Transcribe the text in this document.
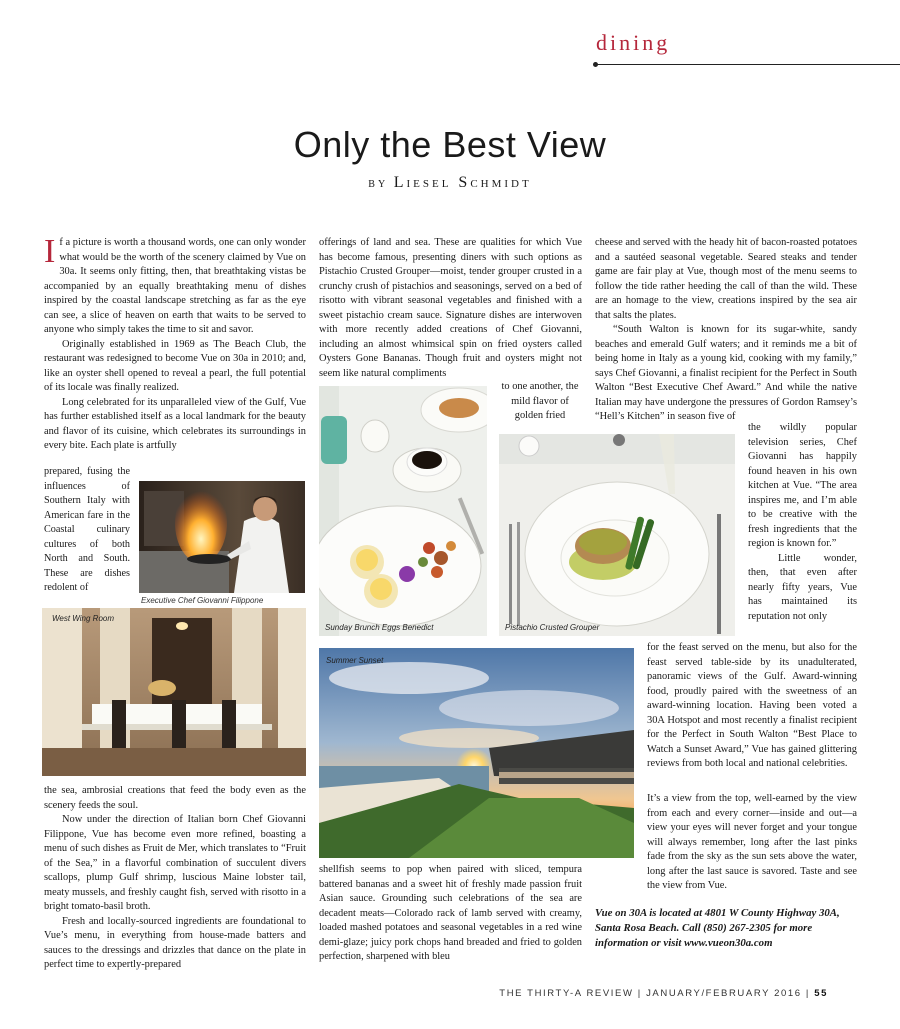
dining
Only the Best View
by Liesel Schmidt

If a picture is worth a thousand words, one can only wonder what would be the worth of the scenery claimed by Vue on 30a. It seems only fitting, then, that breathtaking vistas be accompanied by an equally breathtaking menu of dishes inspired by the coastal landscape stretching as far as the eye can see, a slice of heaven on earth that waits to be served to anyone who simply takes the time to sit and savor.

Originally established in 1969 as The Beach Club, the restaurant was redesigned to become Vue on 30a in 2010; and, like an oyster shell opened to reveal a pearl, the full potential of its locale was finally realized.

Long celebrated for its unparalleled view of the Gulf, Vue has further established itself as a local landmark for the beauty and flavor of its cuisine, which celebrates its surroundings in every bite. Each plate is artfully

prepared, fusing the influences of Southern Italy with American fare in the Coastal culinary cultures of both North and South. These are dishes redolent of

Executive Chef Giovanni Filippone
West Wing Room

the sea, ambrosial creations that feed the body even as the scenery feeds the soul.

Now under the direction of Italian born Chef Giovanni Filippone, Vue has become even more refined, boasting a menu of such dishes as Fruit de Mer, which translates to “Fruit of the Sea,” in a flavorful combination of succulent divers scallops, plump Gulf shrimp, luscious Maine lobster tail, meaty mussels, and freshly caught fish, served with risotto in a bright tomato-basil broth.

Fresh and locally-sourced ingredients are foundational to Vue’s menu, in everything from house-made batters and sauces to the dressings and drizzles that dance on the plate in perfect time to expertly-prepared

offerings of land and sea. These are qualities for which Vue has become famous, presenting diners with such options as Pistachio Crusted Grouper—moist, tender grouper crusted in a crunchy crush of pistachios and seasonings, served on a bed of risotto with vibrant seasonal vegetables and finished with a sweet pistachio cream sauce. Signature dishes are interwoven with more recently added creations of Chef Giovanni, including an almost whimsical spin on fried oysters called Oysters Gone Bananas. Though fruit and oysters might not seem like natural compliments

to one another, the mild flavor of golden fried

Sunday Brunch Eggs Benedict	Pistachio Crusted Grouper
Summer Sunset

shellfish seems to pop when paired with sliced, tempura battered bananas and a sweet hit of freshly made passion fruit Asian sauce. Grounding such celebrations of the sea are decadent meats—Colorado rack of lamb served with creamy, loaded mashed potatoes and seasonal vegetables in a red wine demi-glaze; juicy pork chops hand breaded and fried to golden perfection, sharpened with bleu

cheese and served with the heady hit of bacon-roasted potatoes and a sautéed seasonal vegetable. Seared steaks and tender game are fair play at Vue, though most of the menu seems to follow the tide rather heeding the call of than the wild. These are an homage to the view, creations inspired by the sea air that salts the plates.

“South Walton is known for its sugar-white, sandy beaches and emerald Gulf waters; and it reminds me a bit of being home in Italy as a young kid, cooking with my family,” says Chef Giovanni, a finalist recipient for the Perfect in South Walton “Best Executive Chef Award.” And while the native Italian may have undergone the pressures of Gordon Ramsey’s “Hell’s Kitchen” in season five of

the wildly popular television series, Chef Giovanni has happily found heaven in his own kitchen at Vue. “The area inspires me, and I’m able to be creative with the fresh ingredients that the region is known for.”

Little wonder, then, that even after nearly fifty years, Vue has maintained its reputation not only

for the feast served on the menu, but also for the feast served table-side by its unadulterated, panoramic views of the Gulf. Award-winning food, proudly paired with the sweetness of an award-winning location. Having been voted a 30A Hotspot and most recently a finalist recipient for the Perfect in South Walton “Best Place to Watch a Sunset Award,” Vue has gained glittering reviews from both local and national celebrities.

It’s a view from the top, well-earned by the view from each and every corner—inside and out—a view your eyes will never forget and your tongue will always remember, long after the last pinks fade from the sky as the sun sets above the water, long after the last sauce is savored. Taste and see the view from Vue.

Vue on 30A is located at 4801 W County Highway 30A, Santa Rosa Beach. Call (850) 267-2305 for more information or visit www.vueon30a.com
THE THIRTY-A REVIEW | JANUARY/FEBRUARY 2016 | 55
